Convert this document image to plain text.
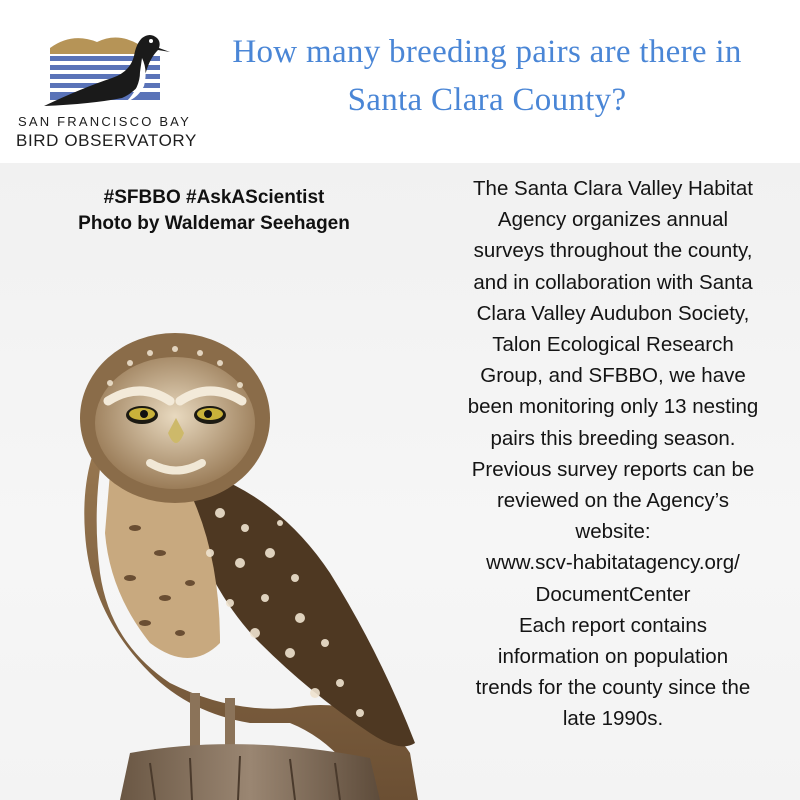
SAN FRANCISCO BAY
BIRD OBSERVATORY
How many breeding pairs are there in Santa Clara County?
#SFBBO #AskAScientist
Photo by Waldemar Seehagen
The Santa Clara Valley Habitat
Agency organizes annual
surveys throughout the county,
and in collaboration with Santa
Clara Valley Audubon Society,
Talon Ecological Research
Group, and SFBBO, we have
been monitoring only 13 nesting
pairs this breeding season.
Previous survey reports can be
reviewed on the Agency’s
website:
www.scv-habitatagency.org/
DocumentCenter
Each report contains
information on population
trends for the county since the
late 1990s.
